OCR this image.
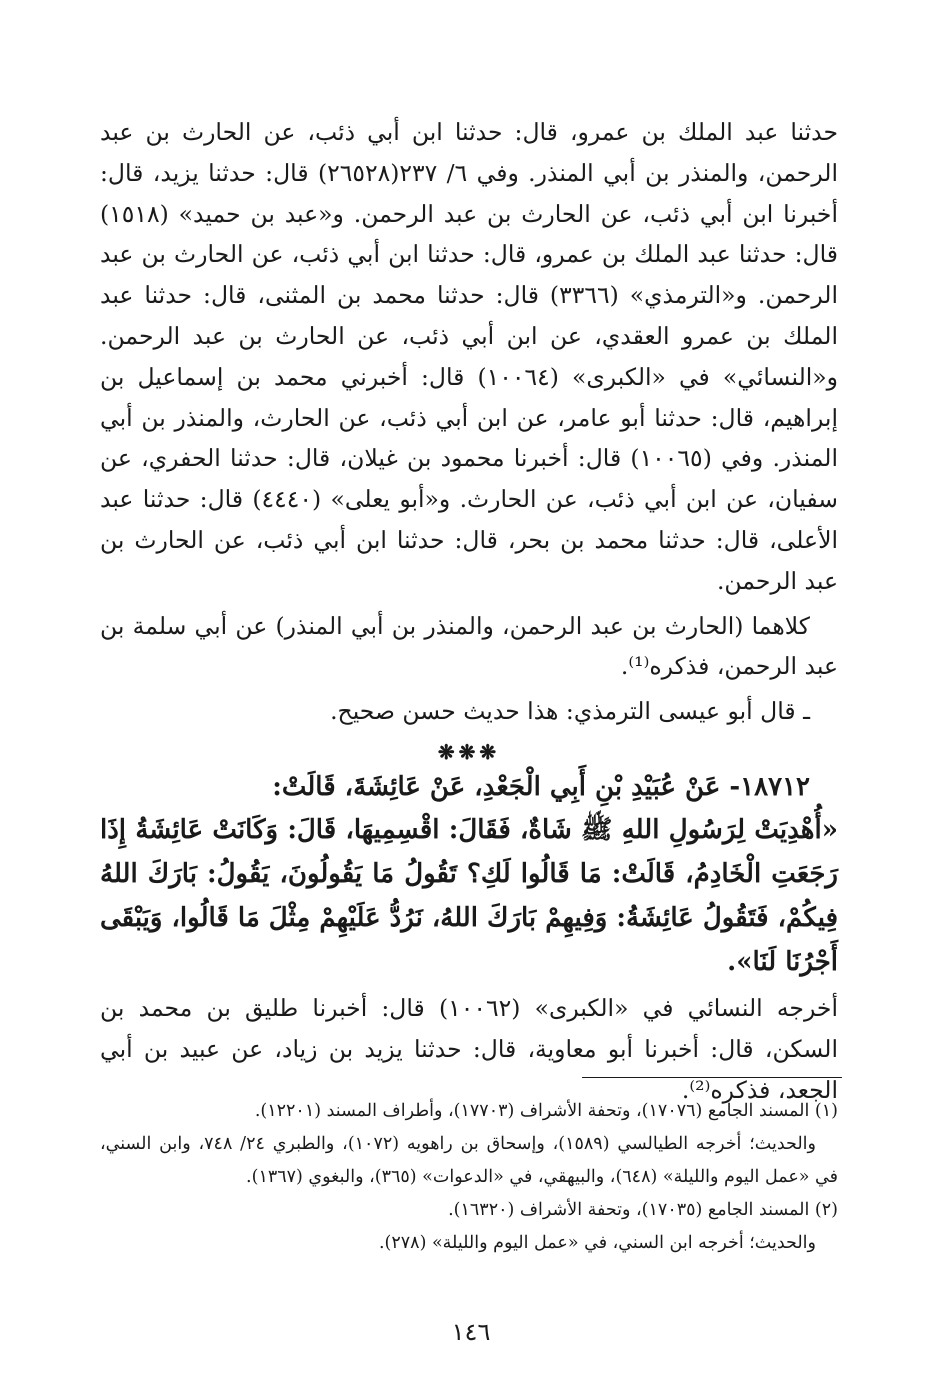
حدثنا عبد الملك بن عمرو، قال: حدثنا ابن أبي ذئب، عن الحارث بن عبد الرحمن، والمنذر بن أبي المنذر. وفي ٦/ ٢٣٧(٢٦٥٢٨) قال: حدثنا يزيد، قال: أخبرنا ابن أبي ذئب، عن الحارث بن عبد الرحمن. و«عبد بن حميد» (١٥١٨) قال: حدثنا عبد الملك بن عمرو، قال: حدثنا ابن أبي ذئب، عن الحارث بن عبد الرحمن. و«الترمذي» (٣٣٦٦) قال: حدثنا محمد بن المثنى، قال: حدثنا عبد الملك بن عمرو العقدي، عن ابن أبي ذئب، عن الحارث بن عبد الرحمن. و«النسائي» في «الكبرى» (١٠٠٦٤) قال: أخبرني محمد بن إسماعيل بن إبراهيم، قال: حدثنا أبو عامر، عن ابن أبي ذئب، عن الحارث، والمنذر بن أبي المنذر. وفي (١٠٠٦٥) قال: أخبرنا محمود بن غيلان، قال: حدثنا الحفري، عن سفيان، عن ابن أبي ذئب، عن الحارث. و«أبو يعلى» (٤٤٤٠) قال: حدثنا عبد الأعلى، قال: حدثنا محمد بن بحر، قال: حدثنا ابن أبي ذئب، عن الحارث بن عبد الرحمن.

كلاهما (الحارث بن عبد الرحمن، والمنذر بن أبي المنذر) عن أبي سلمة بن عبد الرحمن، فذكره⁽¹⁾.

ـ قال أبو عيسى الترمذي: هذا حديث حسن صحيح.

❋❋❋

١٨٧١٢- عَنْ عُبَيْدِ بْنِ أَبِي الْجَعْدِ، عَنْ عَائِشَةَ، قَالَتْ:

«أُهْدِيَتْ لِرَسُولِ اللهِ ﷺ شَاةٌ، فَقَالَ: اقْسِمِيهَا، قَالَ: وَكَانَتْ عَائِشَةُ إِذَا رَجَعَتِ الْخَادِمُ، قَالَتْ: مَا قَالُوا لَكِ؟ تَقُولُ مَا يَقُولُونَ، يَقُولُ: بَارَكَ اللهُ فِيكُمْ، فَتَقُولُ عَائِشَةُ: وَفِيهِمْ بَارَكَ اللهُ، نَرُدُّ عَلَيْهِمْ مِثْلَ مَا قَالُوا، وَيَبْقَى أَجْرُنَا لَنَا».

أخرجه النسائي في «الكبرى» (١٠٠٦٢) قال: أخبرنا طليق بن محمد بن السكن، قال: أخبرنا أبو معاوية، قال: حدثنا يزيد بن زياد، عن عبيد بن أبي الجعد، فذكره⁽²⁾.

(١) المسند الجامع (١٧٠٧٦)، وتحفة الأشراف (١٧٧٠٣)، وأطراف المسند (١٢٢٠١).

والحديث؛ أخرجه الطيالسي (١٥٨٩)، وإسحاق بن راهويه (١٠٧٢)، والطبري ٢٤/ ٧٤٨، وابن السني، في «عمل اليوم والليلة» (٦٤٨)، والبيهقي، في «الدعوات» (٣٦٥)، والبغوي (١٣٦٧).

(٢) المسند الجامع (١٧٠٣٥)، وتحفة الأشراف (١٦٣٢٠).

والحديث؛ أخرجه ابن السني، في «عمل اليوم والليلة» (٢٧٨).

١٤٦
